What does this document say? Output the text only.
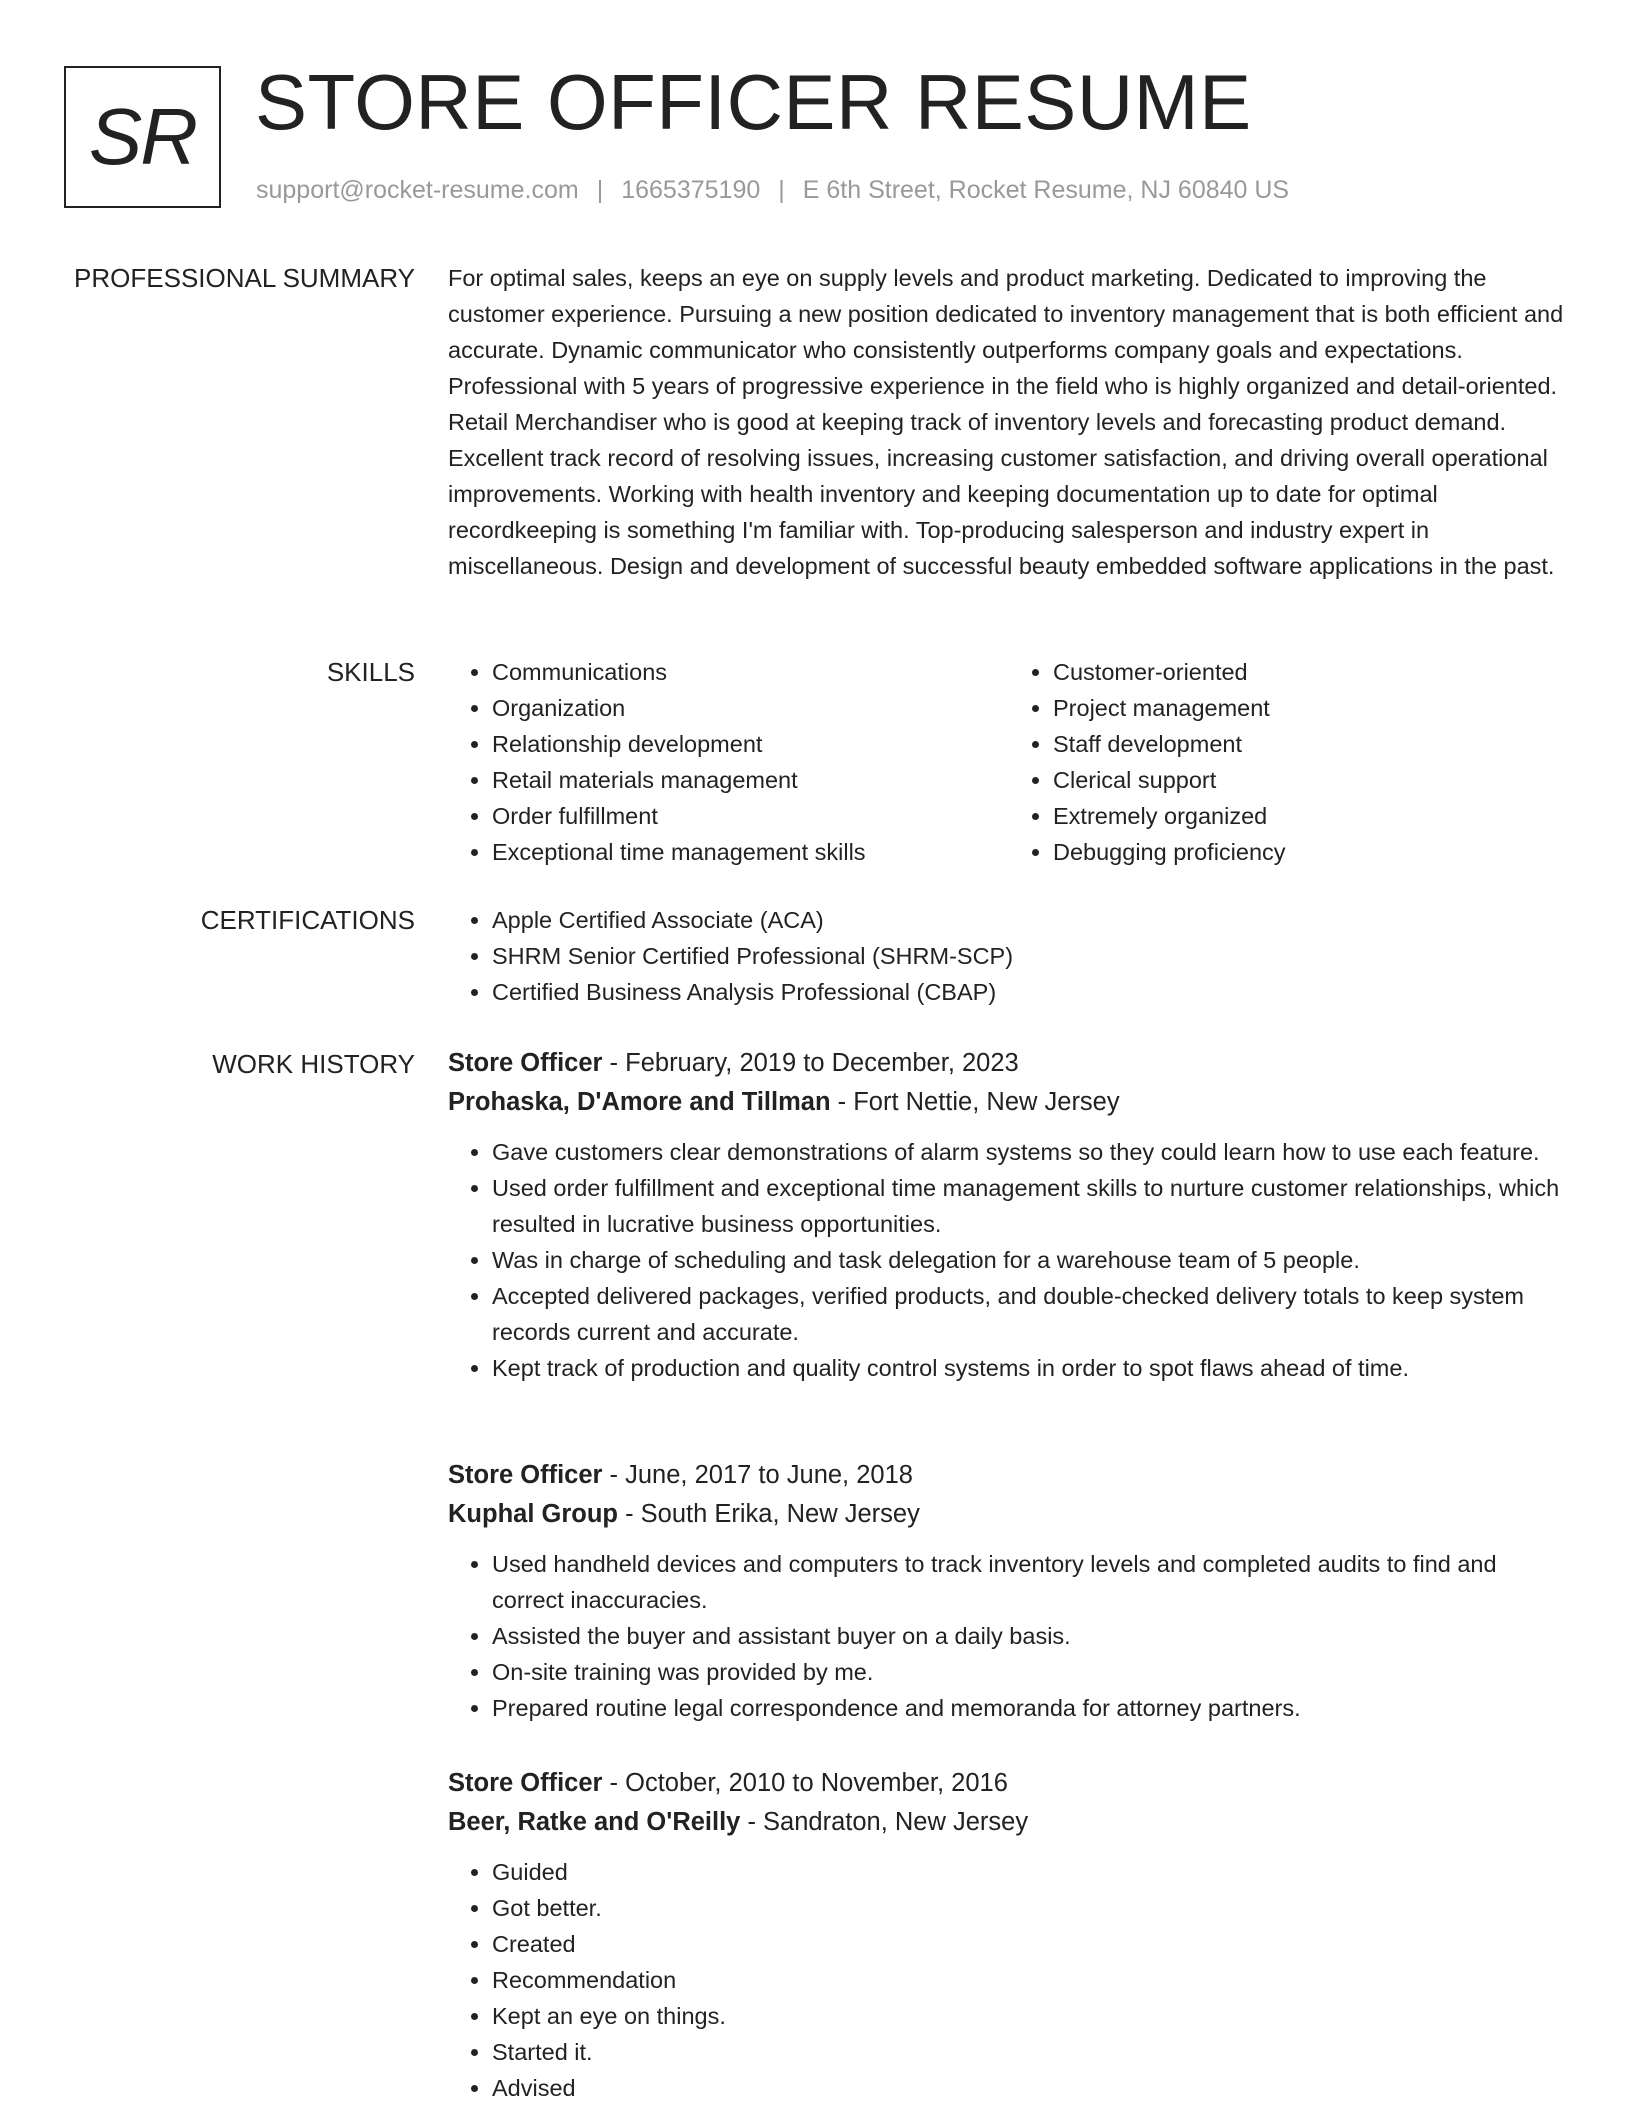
SR STORE OFFICER RESUME
support@rocket-resume.com | 1665375190 | E 6th Street, Rocket Resume, NJ 60840 US
PROFESSIONAL SUMMARY For optimal sales, keeps an eye on supply levels and product marketing. Dedicated to improving the customer experience. Pursuing a new position dedicated to inventory management that is both efficient and accurate. Dynamic communicator who consistently outperforms company goals and expectations. Professional with 5 years of progressive experience in the field who is highly organized and detail-oriented. Retail Merchandiser who is good at keeping track of inventory levels and forecasting product demand. Excellent track record of resolving issues, increasing customer satisfaction, and driving overall operational improvements. Working with health inventory and keeping documentation up to date for optimal recordkeeping is something I'm familiar with. Top-producing salesperson and industry expert in miscellaneous. Design and development of successful beauty embedded software applications in the past.

SKILLS	• Communications
• Organization
• Relationship development
• Retail materials management
• Order fulfillment
• Exceptional time management skills
• Customer-oriented
• Project management
• Staff development
• Clerical support
• Extremely organized
• Debugging proficiency
CERTIFICATIONS	• Apple Certified Associate (ACA)
• SHRM Senior Certified Professional (SHRM-SCP)
• Certified Business Analysis Professional (CBAP)
WORK HISTORY Store Officer - February, 2019 to December, 2023
Prohaska, D'Amore and Tillman - Fort Nettie, New Jersey
• Gave customers clear demonstrations of alarm systems so they could learn how to use each feature.
• Used order fulfillment and exceptional time management skills to nurture customer relationships, which resulted in lucrative business opportunities.
• Was in charge of scheduling and task delegation for a warehouse team of 5 people.
• Accepted delivered packages, verified products, and double-checked delivery totals to keep system records current and accurate.
• Kept track of production and quality control systems in order to spot flaws ahead of time.
Store Officer - June, 2017 to June, 2018
Kuphal Group - South Erika, New Jersey
• Used handheld devices and computers to track inventory levels and completed audits to find and correct inaccuracies.
• Assisted the buyer and assistant buyer on a daily basis.
• On-site training was provided by me.
• Prepared routine legal correspondence and memoranda for attorney partners.
Store Officer - October, 2010 to November, 2016
Beer, Ratke and O'Reilly - Sandraton, New Jersey
• Guided
• Got better.
• Created
• Recommendation
• Kept an eye on things.
• Started it.
• Advised
